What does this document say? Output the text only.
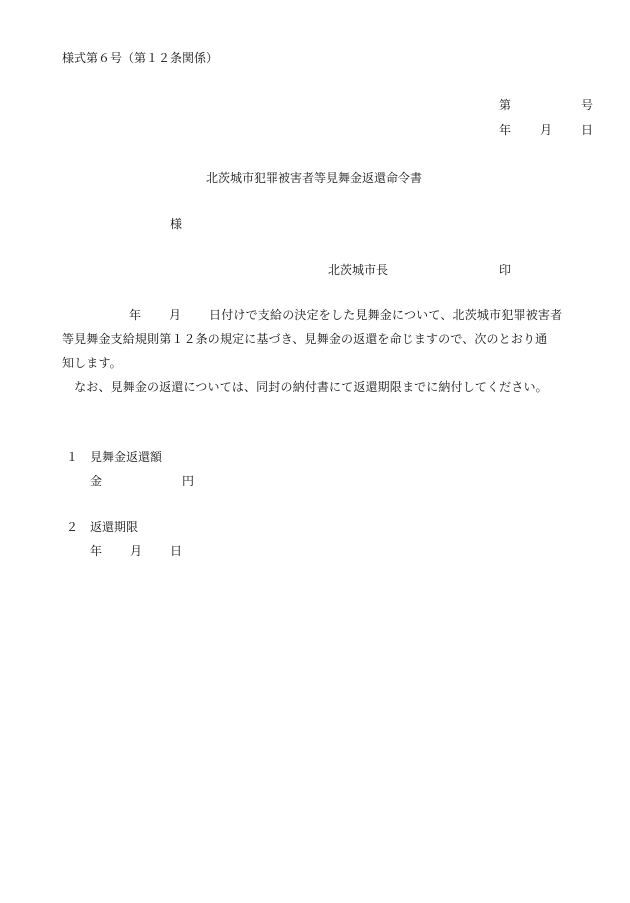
様式第６号（第１２条関係）
第	号
年 月 日
北茨城市犯罪被害者等見舞金返還命令書
様
北茨城市長	印
年 月 日付けで支給の決定をした見舞金について、北茨城市犯罪被害者
等見舞金支給規則第１２条の規定に基づき、見舞金の返還を命じますので、次のとおり通
知します。
　なお、見舞金の返還については、同封の納付書にて返還期限までに納付してください。
１ 見舞金返還額
金	円
２ 返還期限
年 月 日
